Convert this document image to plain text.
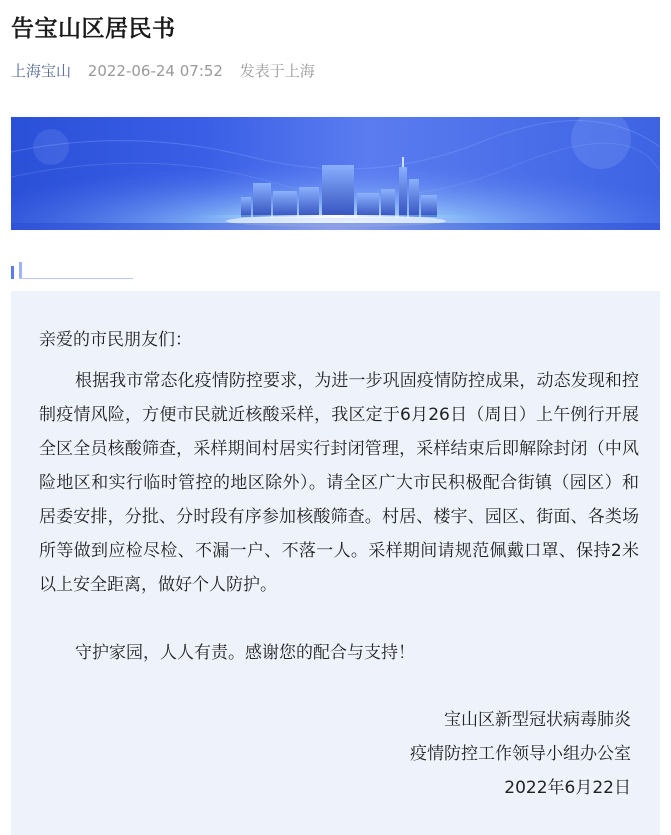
告宝山区居民书
上海宝山 2022-06-24 07:52 发表于上海
亲爱的市民朋友们：
根据我市常态化疫情防控要求，为进一步巩固疫情防控成果，动态发现和控制疫情风险，方便市民就近核酸采样，我区定于6月26日（周日）上午例行开展全区全员核酸筛查，采样期间村居实行封闭管理，采样结束后即解除封闭（中风险地区和实行临时管控的地区除外）。请全区广大市民积极配合街镇（园区）和居委安排，分批、分时段有序参加核酸筛查。村居、楼宇、园区、街面、各类场所等做到应检尽检、不漏一户、不落一人。采样期间请规范佩戴口罩、保持2米以上安全距离，做好个人防护。
守护家园，人人有责。感谢您的配合与支持！
宝山区新型冠状病毒肺炎
疫情防控工作领导小组办公室
2022年6月22日
